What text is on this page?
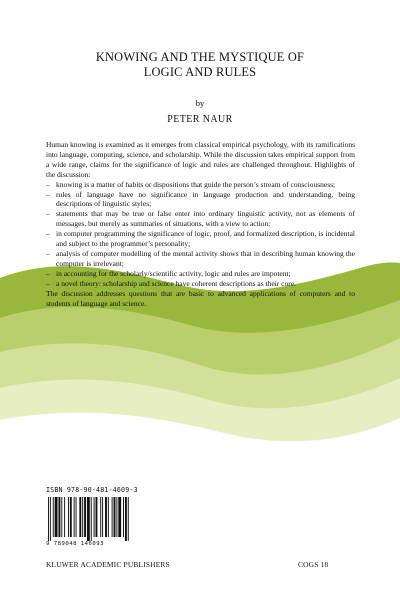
KNOWING AND THE MYSTIQUE OF
LOGIC AND RULES
by
PETER NAUR

Human knowing is examined as it emerges from classical empirical psychology, with its ramifications into language, computing, science, and scholarship. While the discussion takes empirical support from a wide range, claims for the significance of logic and rules are challenged throughout. Highlights of the discussion:

– knowing is a matter of habits or dispositions that guide the person’s stream of consciousness;
– rules of language have no significance in language production and understanding, being descriptions of linguistic styles;
– statements that may be true or false enter into ordinary linguistic activity, not as elements of messages, but merely as summaries of situations, with a view to action;
– in computer programming the significance of logic, proof, and formalized description, is incidental and subject to the programmer’s personality;
– analysis of computer modelling of the mental activity shows that in describing human knowing the computer is irrelevant;
– in accounting for the scholarly/scientific activity, logic and rules are impotent;
– a novel theory: scholarship and science have coherent descriptions as their core.

The discussion addresses questions that are basic to advanced applications of computers and to students of language and science.

ISBN 978-90-481-4609-3
9 789048 146093
KLUWER ACADEMIC PUBLISHERS	COGS 18
